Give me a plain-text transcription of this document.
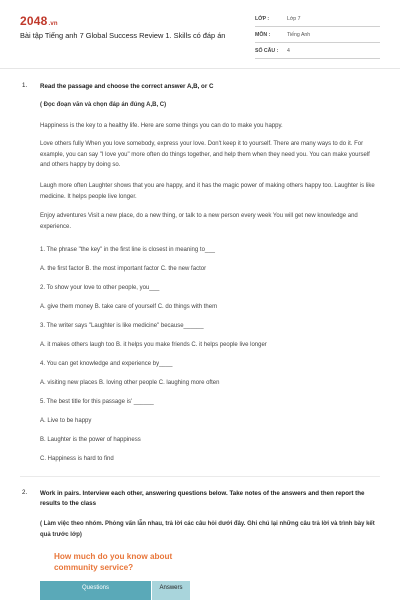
2048.vn
Bài tập Tiếng anh 7 Global Success Review 1. Skills có đáp án
LỚP :	Lớp 7
MÔN :	Tiếng Anh
SỐ CÂU : 4
1. Read the passage and choose the correct answer A,B, or C
( Đọc đoạn văn và chọn đáp án đúng A,B, C)
Happiness is the key to a healthy life. Here are some things you can do to make you happy.
Love others fully When you love somebody, express your love. Don't keep it to yourself. There are many ways to do it. For example, you can say "I love you" more often do things together, and help them when they need you. You can make yourself and others happy by doing so.
Laugh more often Laughter shows that you are happy, and it has the magic power of making others happy too. Laughter is like medicine. It helps people live longer.
Enjoy adventures Visit a new place, do a new thing, or talk to a new person every week You will get new knowledge and experience.
1. The phrase "the key" in the first line is closest in meaning to___
A. the first factor B. the most important factor C. the new factor
2. To show your love to other people, you___
A. give them money B. take care of yourself C. do things with them
3. The writer says "Laughter is like medicine" because______
A. it makes others laugh too B. it helps you make friends C. it helps people live longer
4. You can get knowledge and experience by____
A. visiting new places B. loving other people C. laughing more often
5. The best title for this passage is' ______
A. Live to be happy
B. Laughter is the power of happiness
C. Happiness is hard to find
2. Work in pairs. Interview each other, answering questions below. Take notes of the answers and then report the results to the class
( Làm việc theo nhóm. Phỏng vấn lẫn nhau, trả lời các câu hỏi dưới đây. Ghi chú lại những câu trả lời và trình bày kết quả trước lớp)
How much do you know about community service?
Questions	Answers
